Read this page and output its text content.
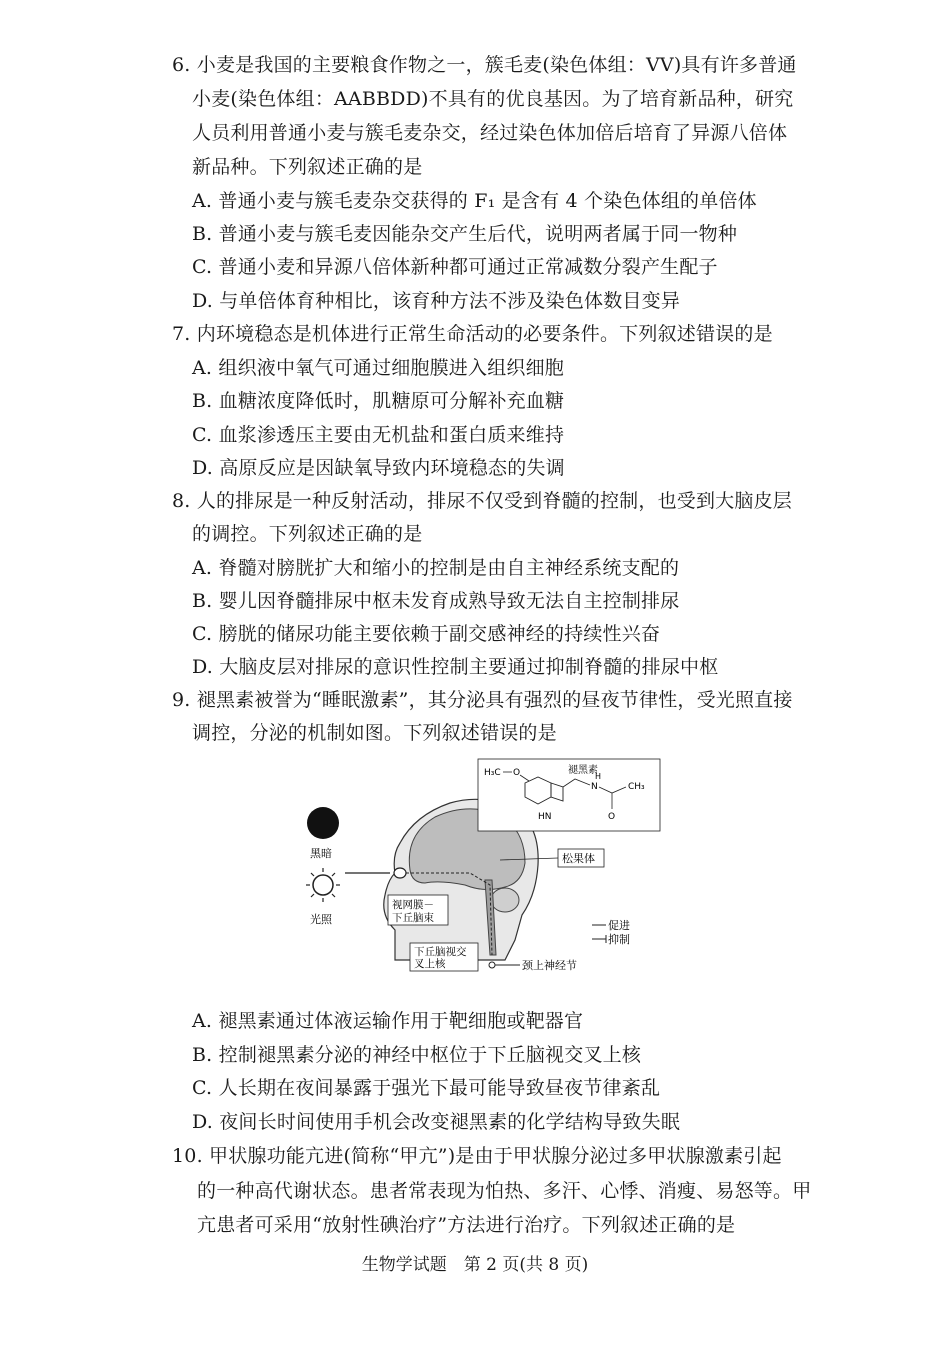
6. 小麦是我国的主要粮食作物之一，簇毛麦(染色体组：VV)具有许多普通
小麦(染色体组：AABBDD)不具有的优良基因。为了培育新品种，研究
人员利用普通小麦与簇毛麦杂交，经过染色体加倍后培育了异源八倍体
新品种。下列叙述正确的是
A. 普通小麦与簇毛麦杂交获得的 F₁ 是含有 4 个染色体组的单倍体
B. 普通小麦与簇毛麦因能杂交产生后代，说明两者属于同一物种
C. 普通小麦和异源八倍体新种都可通过正常减数分裂产生配子
D. 与单倍体育种相比，该育种方法不涉及染色体数目变异
7. 内环境稳态是机体进行正常生命活动的必要条件。下列叙述错误的是
A. 组织液中氧气可通过细胞膜进入组织细胞
B. 血糖浓度降低时，肌糖原可分解补充血糖
C. 血浆渗透压主要由无机盐和蛋白质来维持
D. 高原反应是因缺氧导致内环境稳态的失调
8. 人的排尿是一种反射活动，排尿不仅受到脊髓的控制，也受到大脑皮层
的调控。下列叙述正确的是
A. 脊髓对膀胱扩大和缩小的控制是由自主神经系统支配的
B. 婴儿因脊髓排尿中枢未发育成熟导致无法自主控制排尿
C. 膀胱的储尿功能主要依赖于副交感神经的持续性兴奋
D. 大脑皮层对排尿的意识性控制主要通过抑制脊髓的排尿中枢
9. 褪黑素被誉为“睡眠激素”，其分泌具有强烈的昼夜节律性，受光照直接
调控，分泌的机制如图。下列叙述错误的是
黑暗
光照
颈上神经节
视网膜－
下丘脑束
下丘脑视交
叉上核
松果体
H₃C O
HN
褪黑素
N
H
O
CH₃
促进
抑制
A. 褪黑素通过体液运输作用于靶细胞或靶器官
B. 控制褪黑素分泌的神经中枢位于下丘脑视交叉上核
C. 人长期在夜间暴露于强光下最可能导致昼夜节律紊乱
D. 夜间长时间使用手机会改变褪黑素的化学结构导致失眠
10. 甲状腺功能亢进(简称“甲亢”)是由于甲状腺分泌过多甲状腺激素引起
的一种高代谢状态。患者常表现为怕热、多汗、心悸、消瘦、易怒等。甲
亢患者可采用“放射性碘治疗”方法进行治疗。下列叙述正确的是
生物学试题　第 2 页(共 8 页)
